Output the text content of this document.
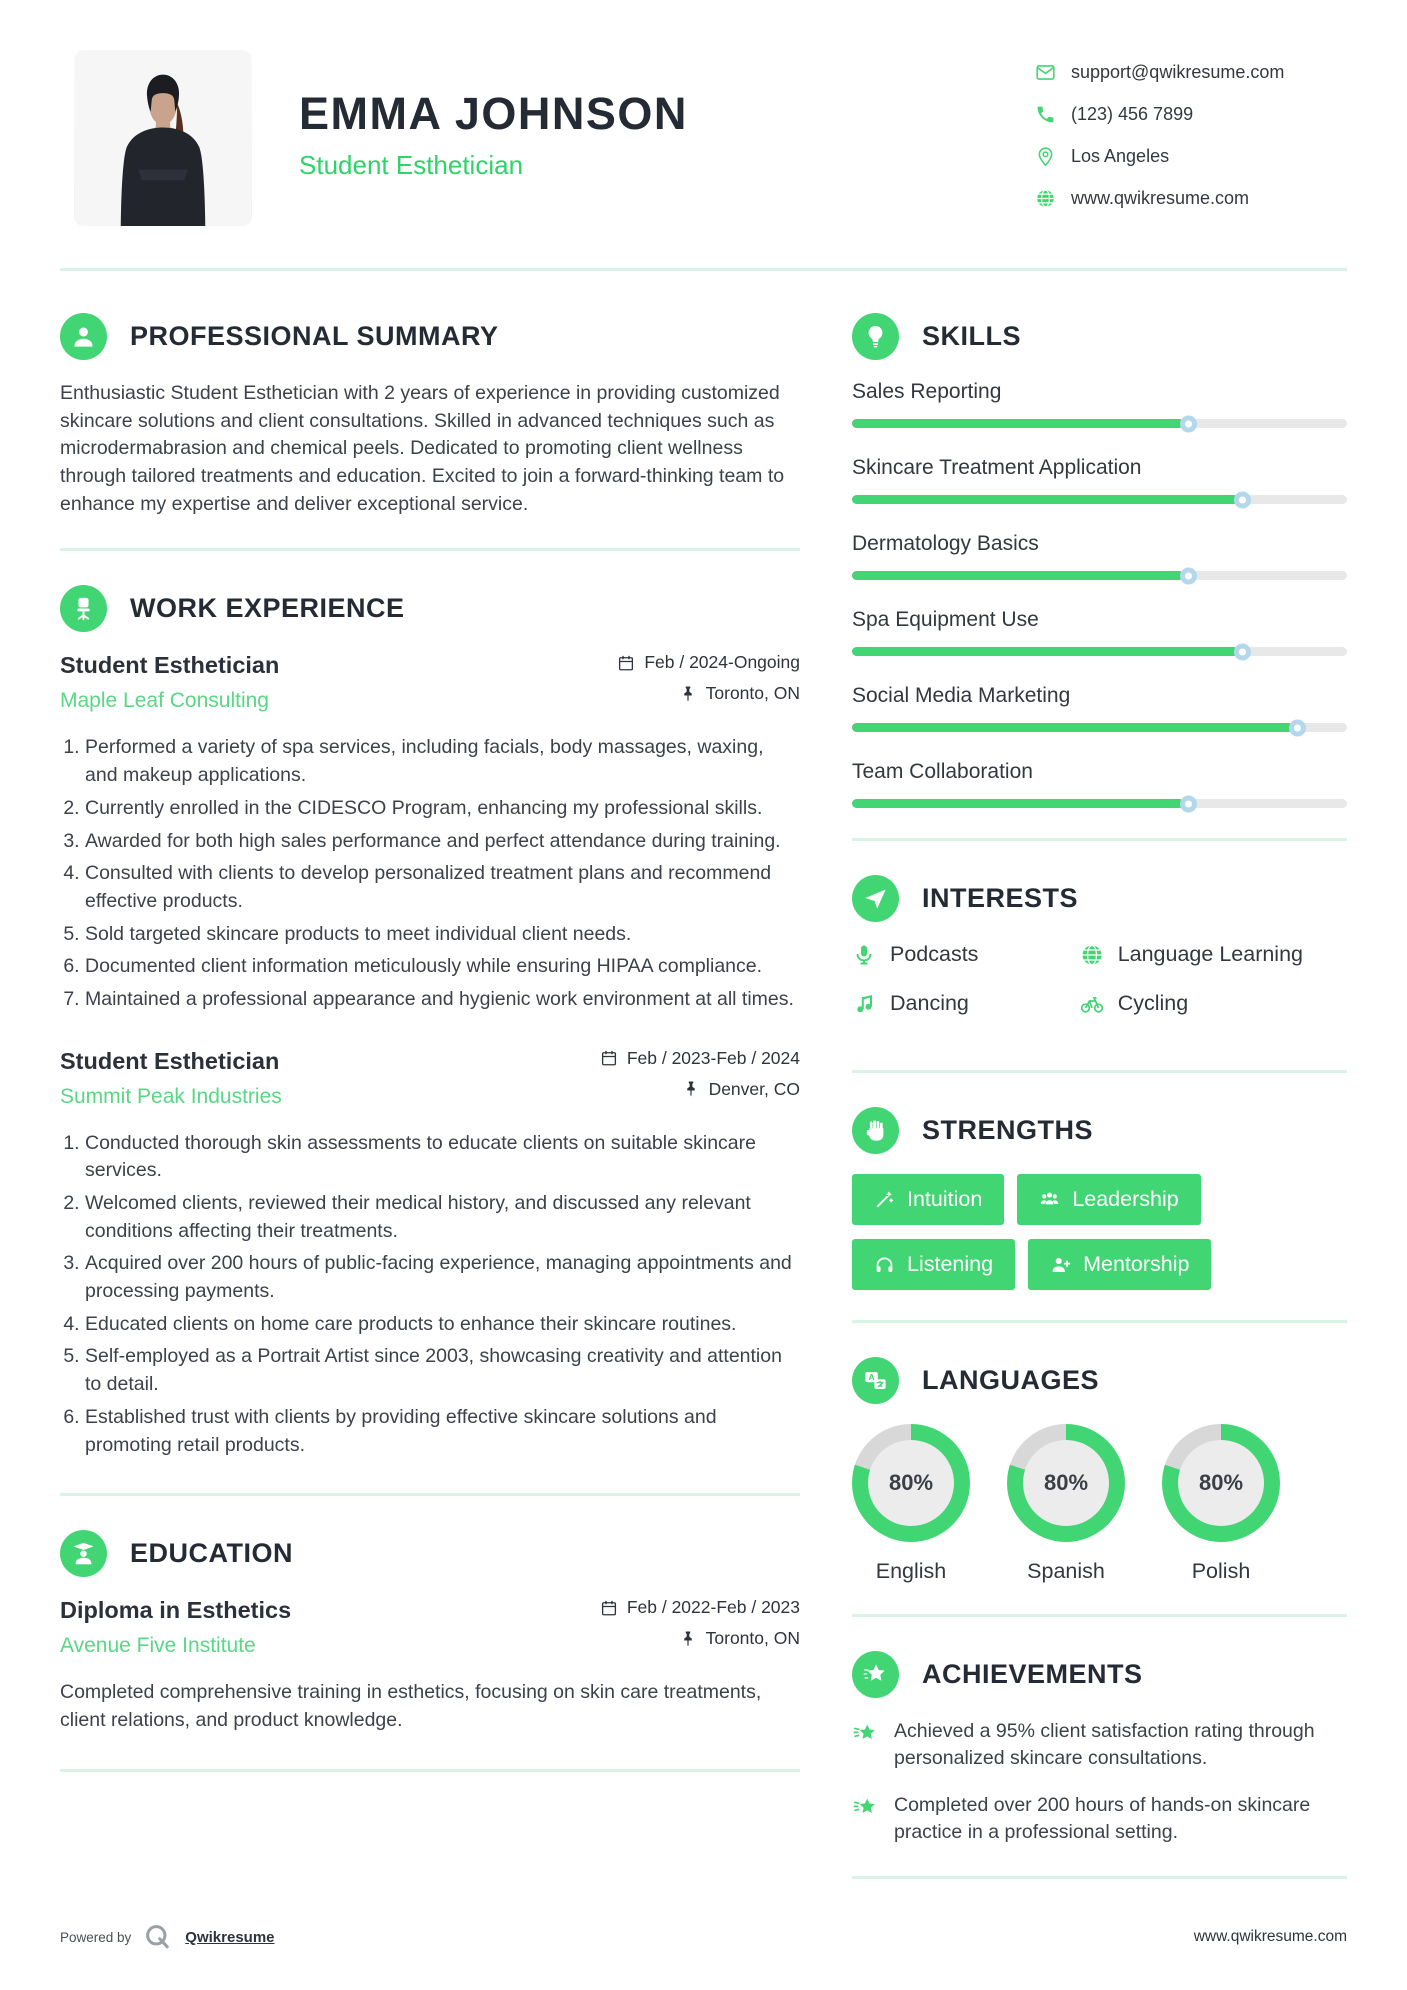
EMMA JOHNSON
Student Esthetician
support@qwikresume.com
(123) 456 7899
Los Angeles
www.qwikresume.com
PROFESSIONAL SUMMARY

Enthusiastic Student Esthetician with 2 years of experience in providing customized skincare solutions and client consultations. Skilled in advanced techniques such as microdermabrasion and chemical peels. Dedicated to promoting client wellness through tailored treatments and education. Excited to join a forward-thinking team to enhance my expertise and deliver exceptional service.

WORK EXPERIENCE
Student Esthetician
Maple Leaf Consulting
Feb / 2024-Ongoing
Toronto, ON
1. Performed a variety of spa services, including facials, body massages, waxing, and makeup applications.
2. Currently enrolled in the CIDESCO Program, enhancing my professional skills.
3. Awarded for both high sales performance and perfect attendance during training.
4. Consulted with clients to develop personalized treatment plans and recommend effective products.
5. Sold targeted skincare products to meet individual client needs.
6. Documented client information meticulously while ensuring HIPAA compliance.
7. Maintained a professional appearance and hygienic work environment at all times.
Student Esthetician
Summit Peak Industries
Feb / 2023-Feb / 2024
Denver, CO
1. Conducted thorough skin assessments to educate clients on suitable skincare services.
2. Welcomed clients, reviewed their medical history, and discussed any relevant conditions affecting their treatments.
3. Acquired over 200 hours of public-facing experience, managing appointments and processing payments.
4. Educated clients on home care products to enhance their skincare routines.
5. Self-employed as a Portrait Artist since 2003, showcasing creativity and attention to detail.
6. Established trust with clients by providing effective skincare solutions and promoting retail products.
EDUCATION
Diploma in Esthetics
Avenue Five Institute
Feb / 2022-Feb / 2023
Toronto, ON

Completed comprehensive training in esthetics, focusing on skin care treatments, client relations, and product knowledge.

SKILLS
Sales Reporting
Skincare Treatment Application
Dermatology Basics
Spa Equipment Use
Social Media Marketing
Team Collaboration
INTERESTS
Podcasts	Language Learning
Dancing	Cycling
STRENGTHS
Intuition	Leadership
Listening	Mentorship
A LANGUAGES
80%
English
80%
Spanish
80%
Polish
ACHIEVEMENTS

Achieved a 95% client satisfaction rating through personalized skincare consultations.

Completed over 200 hours of hands-on skincare practice in a professional setting.

Powered by	Qwikresume	www.qwikresume.com
